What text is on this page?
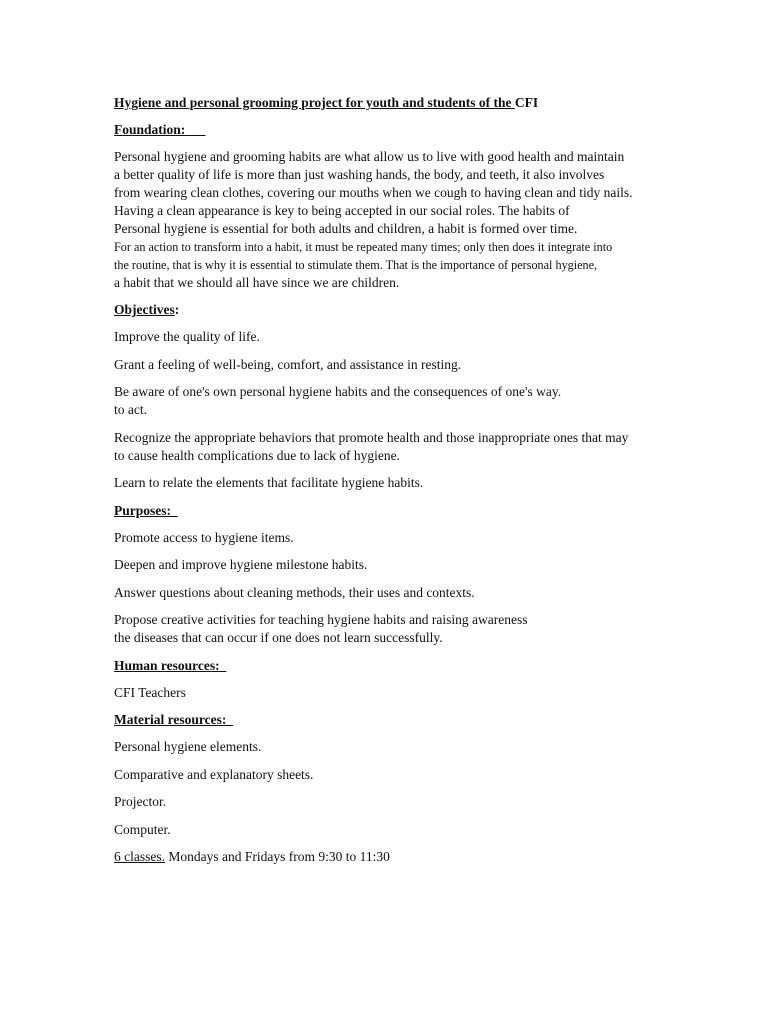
Hygiene and personal grooming project for youth and students of the CFI
Foundation:
Personal hygiene and grooming habits are what allow us to live with good health and maintain
a better quality of life is more than just washing hands, the body, and teeth, it also involves
from wearing clean clothes, covering our mouths when we cough to having clean and tidy nails.
Having a clean appearance is key to being accepted in our social roles. The habits of
Personal hygiene is essential for both adults and children, a habit is formed over time.
For an action to transform into a habit, it must be repeated many times; only then does it integrate into
the routine, that is why it is essential to stimulate them. That is the importance of personal hygiene,
a habit that we should all have since we are children.
Objectives:
Improve the quality of life.
Grant a feeling of well-being, comfort, and assistance in resting.
Be aware of one's own personal hygiene habits and the consequences of one's way.
to act.
Recognize the appropriate behaviors that promote health and those inappropriate ones that may
to cause health complications due to lack of hygiene.
Learn to relate the elements that facilitate hygiene habits.
Purposes:
Promote access to hygiene items.
Deepen and improve hygiene milestone habits.
Answer questions about cleaning methods, their uses and contexts.
Propose creative activities for teaching hygiene habits and raising awareness
the diseases that can occur if one does not learn successfully.
Human resources:
CFI Teachers
Material resources:
Personal hygiene elements.
Comparative and explanatory sheets.
Projector.
Computer.
6 classes. Mondays and Fridays from 9:30 to 11:30
